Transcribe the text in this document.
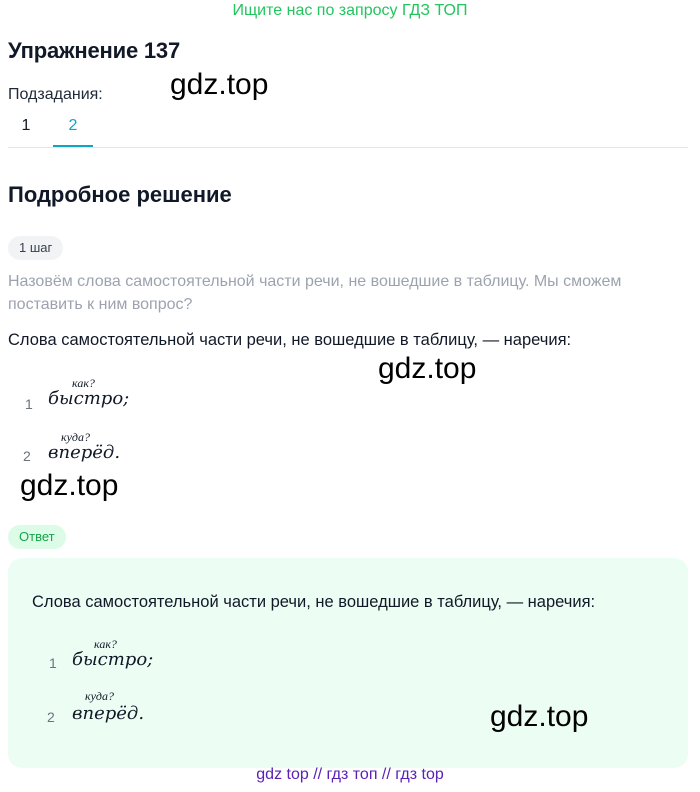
Ищите нас по запросу ГДЗ ТОП
Упражнение 137
Подзадания:
1	2
Подробное решение
1 шаг
Назовём слова самостоятельной части речи, не вошедшие в таблицу. Мы сможем поставить к ним вопрос?
Слова самостоятельной части речи, не вошедшие в таблицу, — наречия:
как?
1 быстро;
куда?
2 вперёд.
Ответ
Слова самостоятельной части речи, не вошедшие в таблицу, — наречия:
как?
1 быстро;
куда?
2 вперёд.
gdz.top
gdz.top
gdz.top
gdz.top
gdz top // гдз топ // гдз top
